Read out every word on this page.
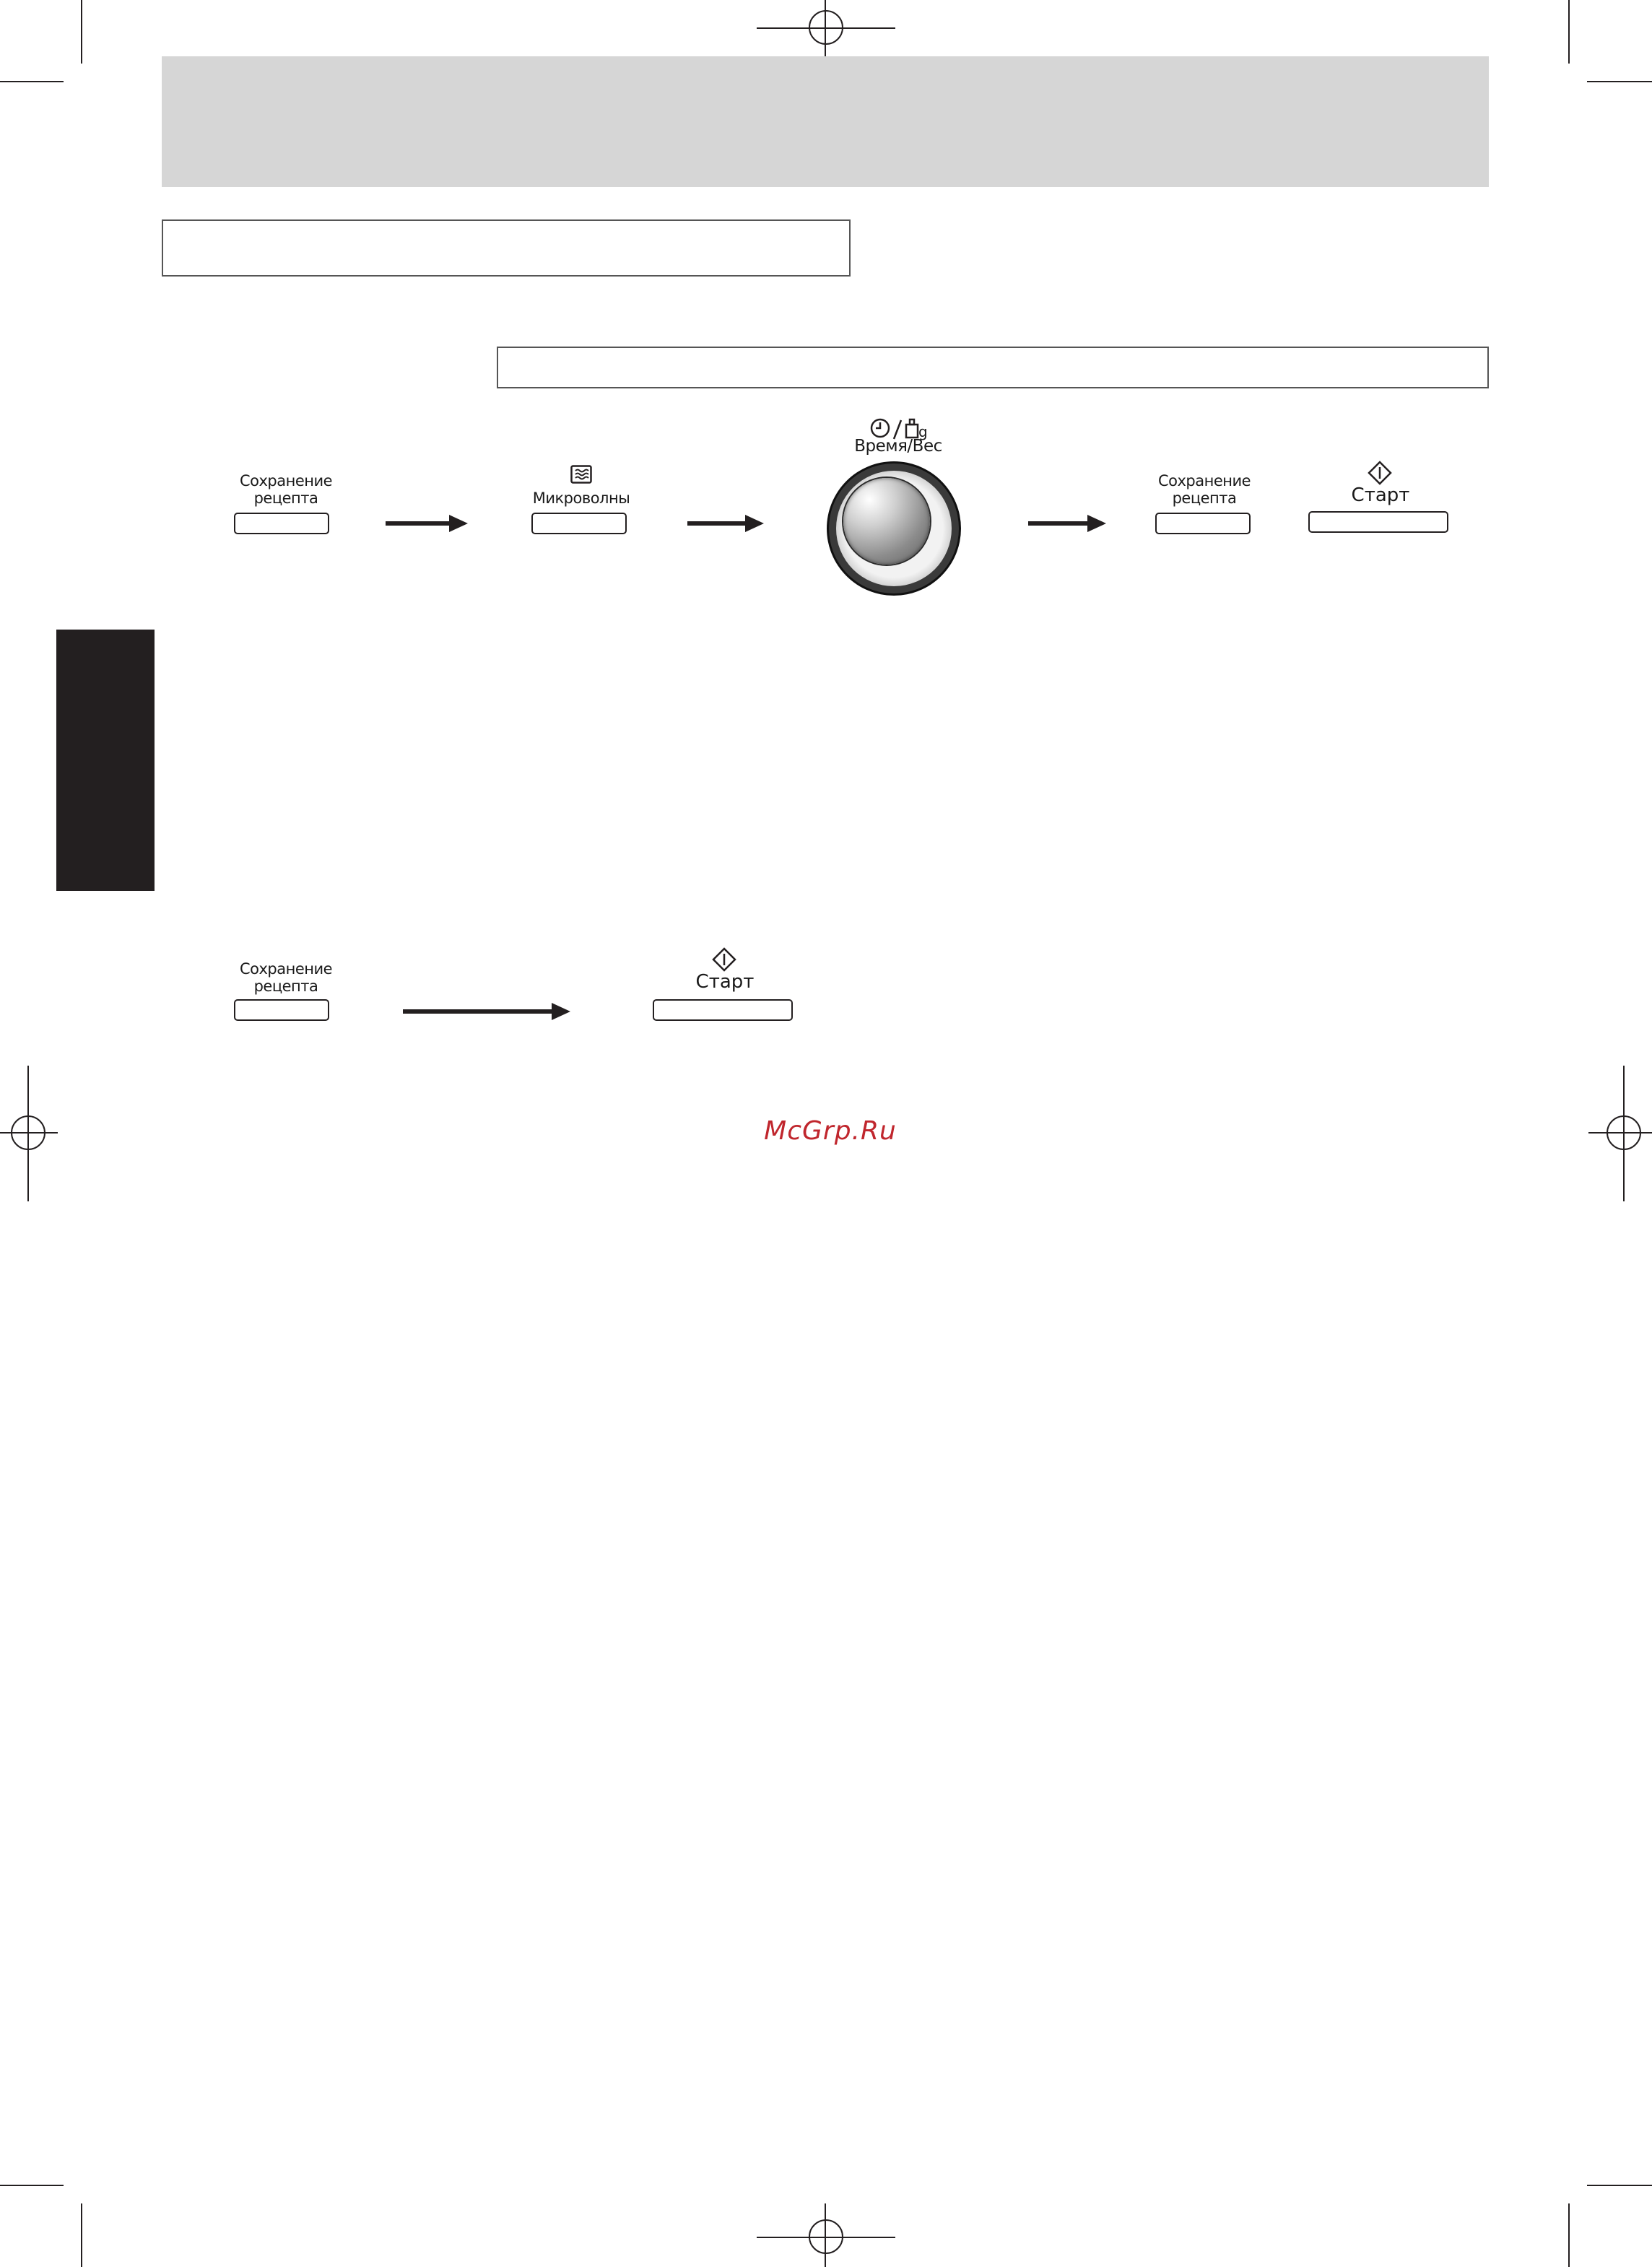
Сохранение
рецепта	Микроволны
g
Время/Вес
Сохранение
рецепта	Старт
Сохранение
рецепта	Старт
McGrp.Ru
